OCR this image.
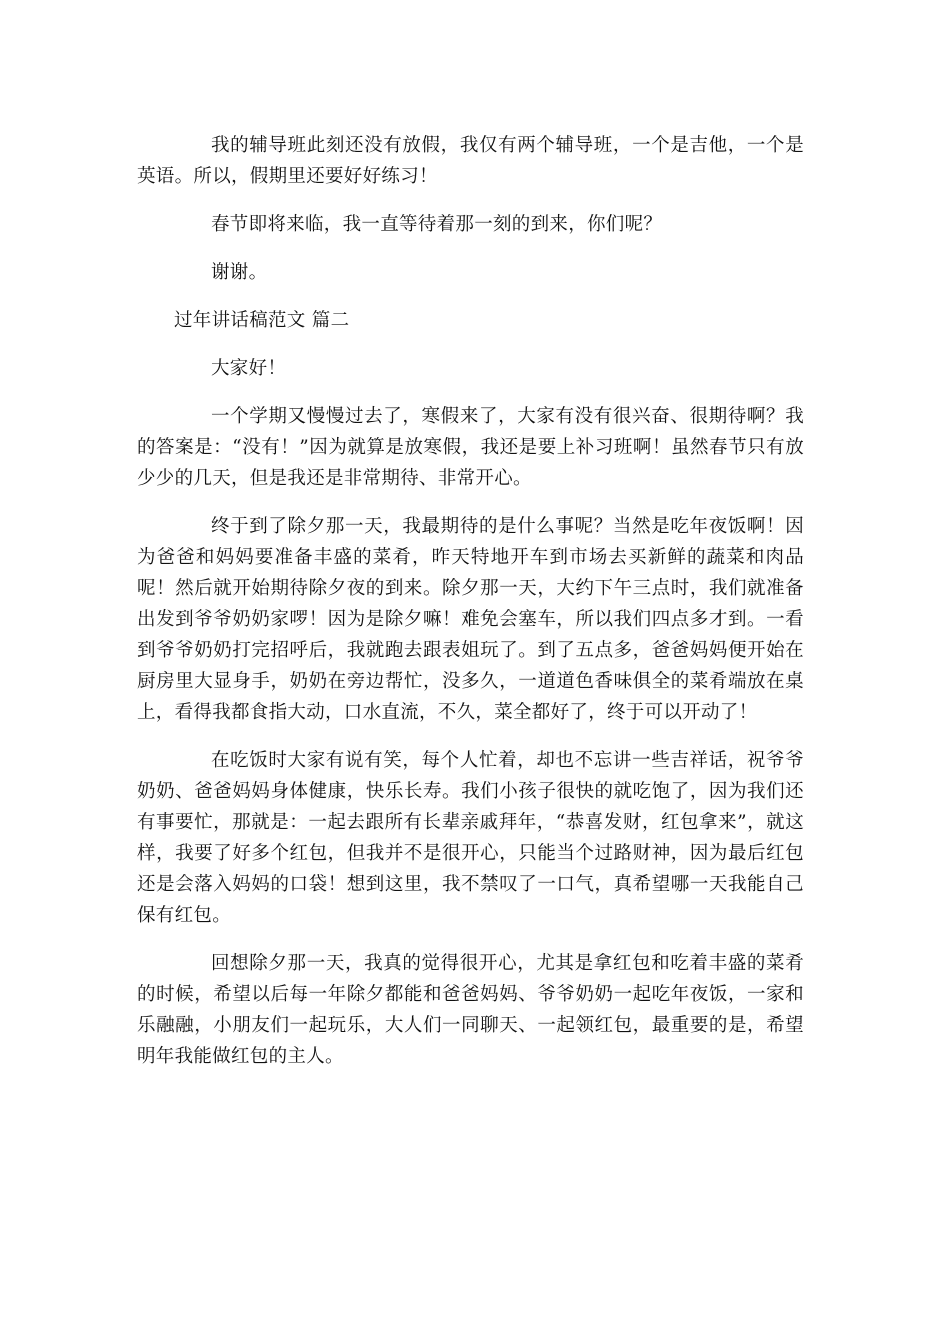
我的辅导班此刻还没有放假，我仅有两个辅导班，一个是吉他，一个是英语。所以，假期里还要好好练习！

春节即将来临，我一直等待着那一刻的到来，你们呢？

谢谢。

过年讲话稿范文 篇二

大家好！

一个学期又慢慢过去了，寒假来了，大家有没有很兴奋、很期待啊？我的答案是：“没有！”因为就算是放寒假，我还是要上补习班啊！虽然春节只有放少少的几天，但是我还是非常期待、非常开心。

终于到了除夕那一天，我最期待的是什么事呢？当然是吃年夜饭啊！因为爸爸和妈妈要准备丰盛的菜肴，昨天特地开车到市场去买新鲜的蔬菜和肉品呢！然后就开始期待除夕夜的到来。除夕那一天，大约下午三点时，我们就准备出发到爷爷奶奶家啰！因为是除夕嘛！难免会塞车，所以我们四点多才到。一看到爷爷奶奶打完招呼后，我就跑去跟表姐玩了。到了五点多，爸爸妈妈便开始在厨房里大显身手，奶奶在旁边帮忙，没多久，一道道色香味俱全的菜肴端放在桌上，看得我都食指大动，口水直流，不久，菜全都好了，终于可以开动了！

在吃饭时大家有说有笑，每个人忙着，却也不忘讲一些吉祥话，祝爷爷奶奶、爸爸妈妈身体健康，快乐长寿。我们小孩子很快的就吃饱了，因为我们还有事要忙，那就是：一起去跟所有长辈亲戚拜年，“恭喜发财，红包拿来”，就这样，我要了好多个红包，但我并不是很开心，只能当个过路财神，因为最后红包还是会落入妈妈的口袋！想到这里，我不禁叹了一口气，真希望哪一天我能自己保有红包。

回想除夕那一天，我真的觉得很开心，尤其是拿红包和吃着丰盛的菜肴的时候，希望以后每一年除夕都能和爸爸妈妈、爷爷奶奶一起吃年夜饭，一家和乐融融，小朋友们一起玩乐，大人们一同聊天、一起领红包，最重要的是，希望明年我能做红包的主人。
